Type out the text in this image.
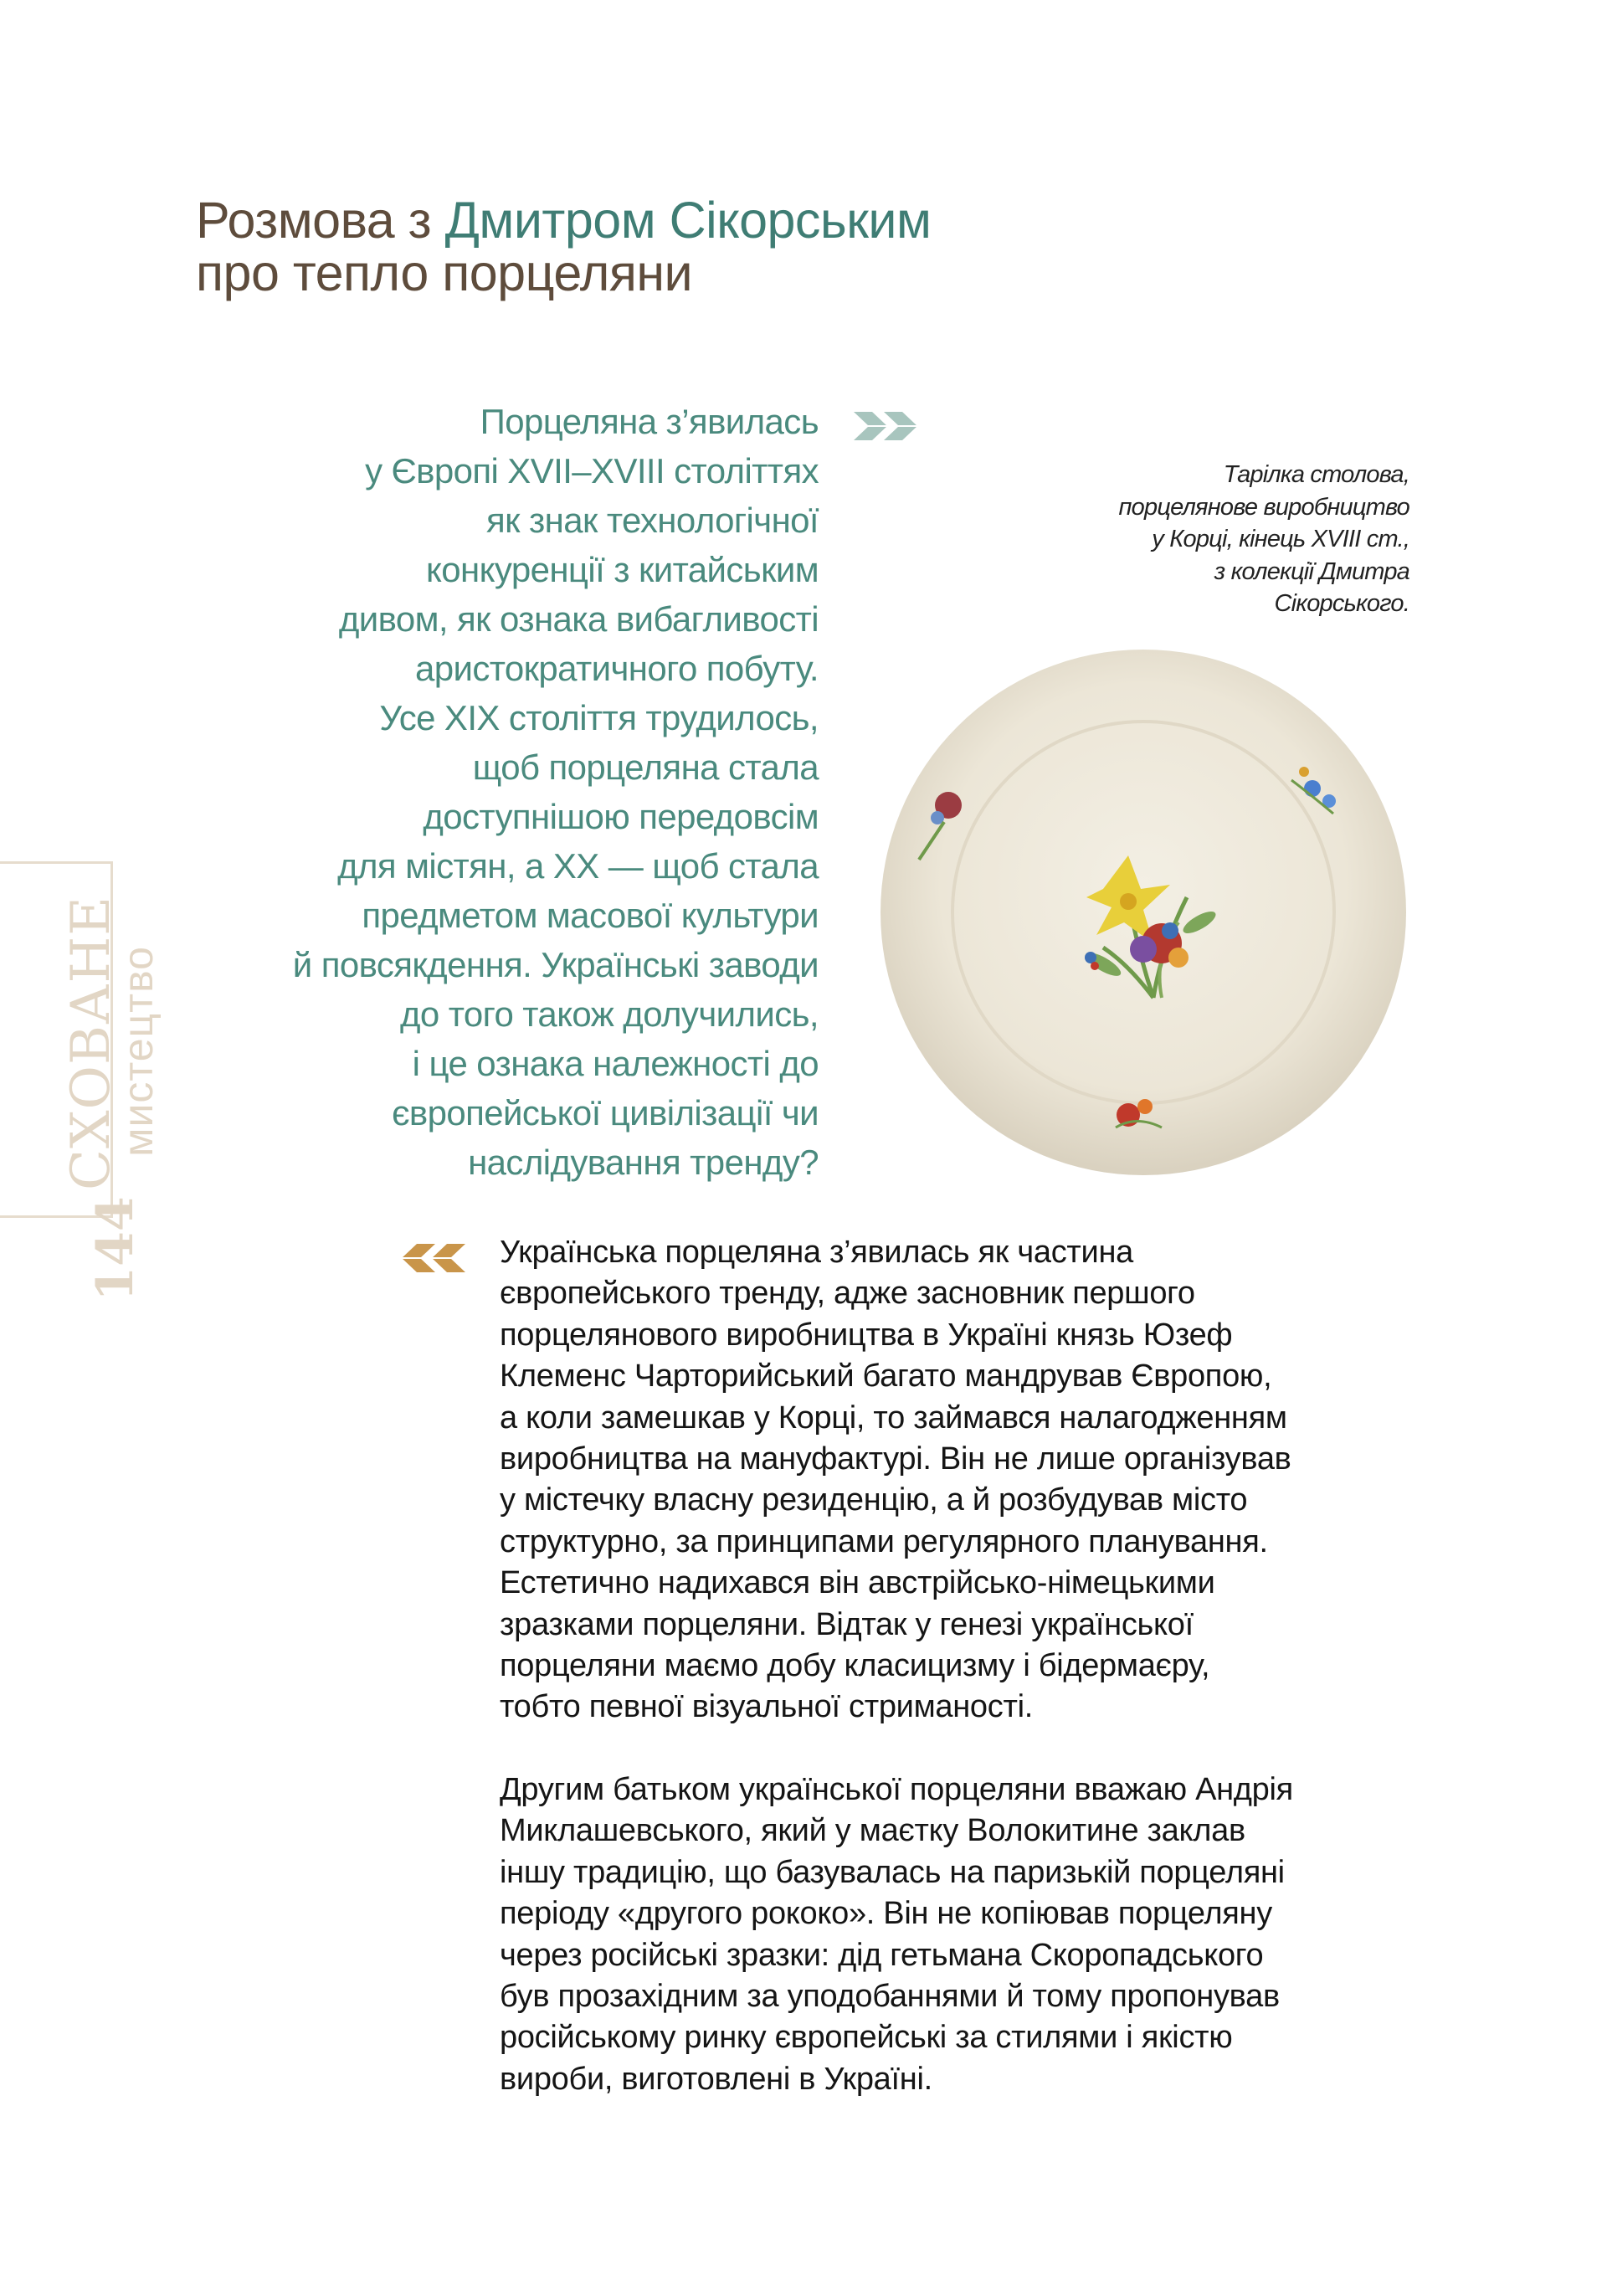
Розмова з Дмитром Сікорським
про тепло порцеляни
Порцеляна з’явилась
у Європі XVII–XVIII століттях
як знак технологічної
конкуренції з китайським
дивом, як ознака вибагливості
аристократичного побуту.
Усе XIX століття трудилось,
щоб порцеляна стала
доступнішою передовсім
для містян, а XX — щоб стала
предметом масової культури
й повсякдення. Українські заводи
до того також долучились,
і це ознака належності до
європейської цивілізації чи
наслідування тренду?
Тарілка столова,
порцелянове виробництво
у Корці, кінець XVIII ст.,
з колекції Дмитра
Сікорського.

Українська порцеляна з’явилась як частина
європейського тренду, адже засновник першого
порцелянового виробництва в Україні князь Юзеф
Клеменс Чарторийський багато мандрував Європою,
а коли замешкав у Корці, то займався налагодженням
виробництва на мануфактурі. Він не лише організував
у містечку власну резиденцію, а й розбудував місто
структурно, за принципами регулярного планування.
Естетично надихався він австрійсько-німецькими
зразками порцеляни. Відтак у генезі української
порцеляни маємо добу класицизму і бідермаєру,
тобто певної візуальної стриманості.

Другим батьком української порцеляни вважаю Андрія
Миклашевського, який у маєтку Волокитине заклав
іншу традицію, що базувалась на паризькій порцеляні
періоду «другого рококо». Він не копіював порцеляну
через російські зразки: дід гетьмана Скоропадського
був прозахідним за уподобаннями й тому пропонував
російському ринку європейські за стилями і якістю
вироби, виготовлені в Україні.

СХОВАНЕ
мистецтво
144
